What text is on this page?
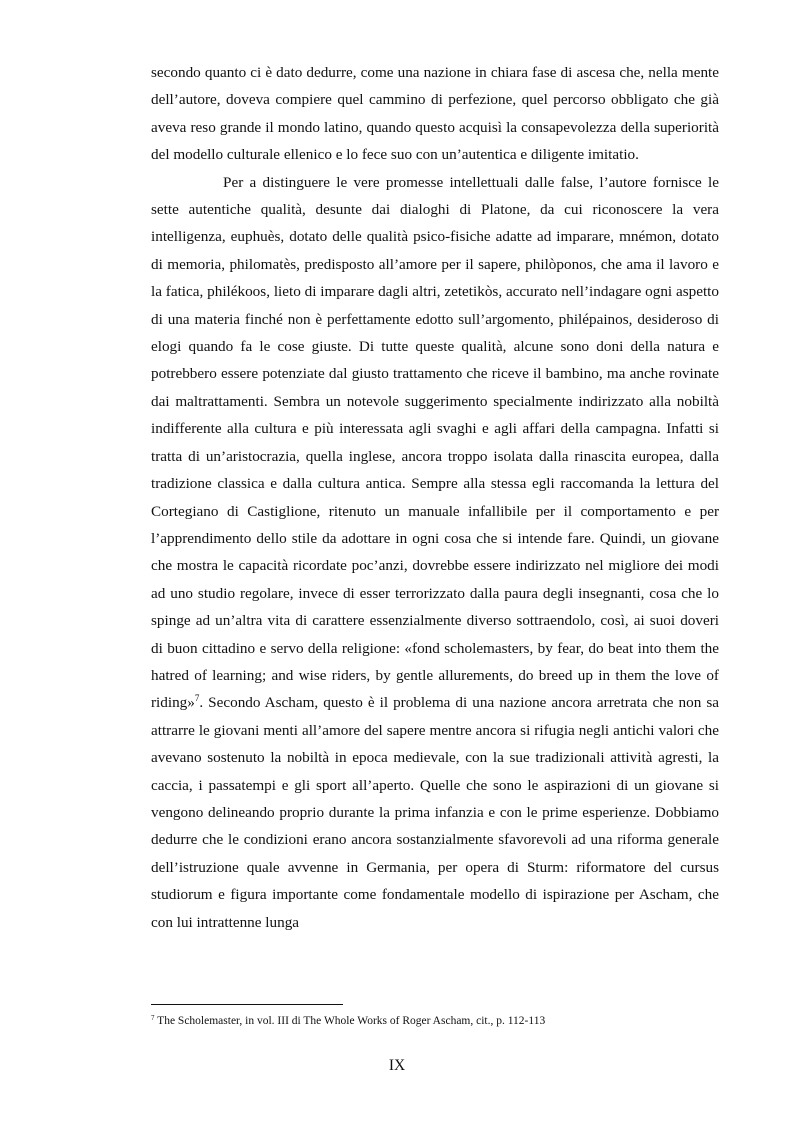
secondo quanto ci è dato dedurre, come una nazione in chiara fase di ascesa che, nella mente dell’autore, doveva compiere quel cammino di perfezione, quel percorso obbligato che già aveva reso grande il mondo latino, quando questo acquisì la consapevolezza della superiorità del modello culturale ellenico e lo fece suo con un’autentica e diligente imitatio.

Per a distinguere le vere promesse intellettuali dalle false, l’autore fornisce le sette autentiche qualità, desunte dai dialoghi di Platone, da cui riconoscere la vera intelligenza, euphuès, dotato delle qualità psico-fisiche adatte ad imparare, mnémon, dotato di memoria, philomatès, predisposto all’amore per il sapere, philòponos, che ama il lavoro e la fatica, philékoos, lieto di imparare dagli altri, zetetikòs, accurato nell’indagare ogni aspetto di una materia finché non è perfettamente edotto sull’argomento, philépainos, desideroso di elogi quando fa le cose giuste. Di tutte queste qualità, alcune sono doni della natura e potrebbero essere potenziate dal giusto trattamento che riceve il bambino, ma anche rovinate dai maltrattamenti. Sembra un notevole suggerimento specialmente indirizzato alla nobiltà indifferente alla cultura e più interessata agli svaghi e agli affari della campagna. Infatti si tratta di un’aristocrazia, quella inglese, ancora troppo isolata dalla rinascita europea, dalla tradizione classica e dalla cultura antica. Sempre alla stessa egli raccomanda la lettura del Cortegiano di Castiglione, ritenuto un manuale infallibile per il comportamento e per l’apprendimento dello stile da adottare in ogni cosa che si intende fare. Quindi, un giovane che mostra le capacità ricordate poc’anzi, dovrebbe essere indirizzato nel migliore dei modi ad uno studio regolare, invece di esser terrorizzato dalla paura degli insegnanti, cosa che lo spinge ad un’altra vita di carattere essenzialmente diverso sottraendolo, così, ai suoi doveri di buon cittadino e servo della religione: «fond scholemasters, by fear, do beat into them the hatred of learning; and wise riders, by gentle allurements, do breed up in them the love of riding»$^7$. Secondo Ascham, questo è il problema di una nazione ancora arretrata che non sa attrarre le giovani menti all’amore del sapere mentre ancora si rifugia negli antichi valori che avevano sostenuto la nobiltà in epoca medievale, con la sue tradizionali attività agresti, la caccia, i passatempi e gli sport all’aperto. Quelle che sono le aspirazioni di un giovane si vengono delineando proprio durante la prima infanzia e con le prime esperienze. Dobbiamo dedurre che le condizioni erano ancora sostanzialmente sfavorevoli ad una riforma generale dell’istruzione quale avvenne in Germania, per opera di Sturm: riformatore del cursus studiorum e figura importante come fondamentale modello di ispirazione per Ascham, che con lui intrattenne lunga

$^7$ The Scholemaster, in vol. III di The Whole Works of Roger Ascham, cit., p. 112-113

IX
